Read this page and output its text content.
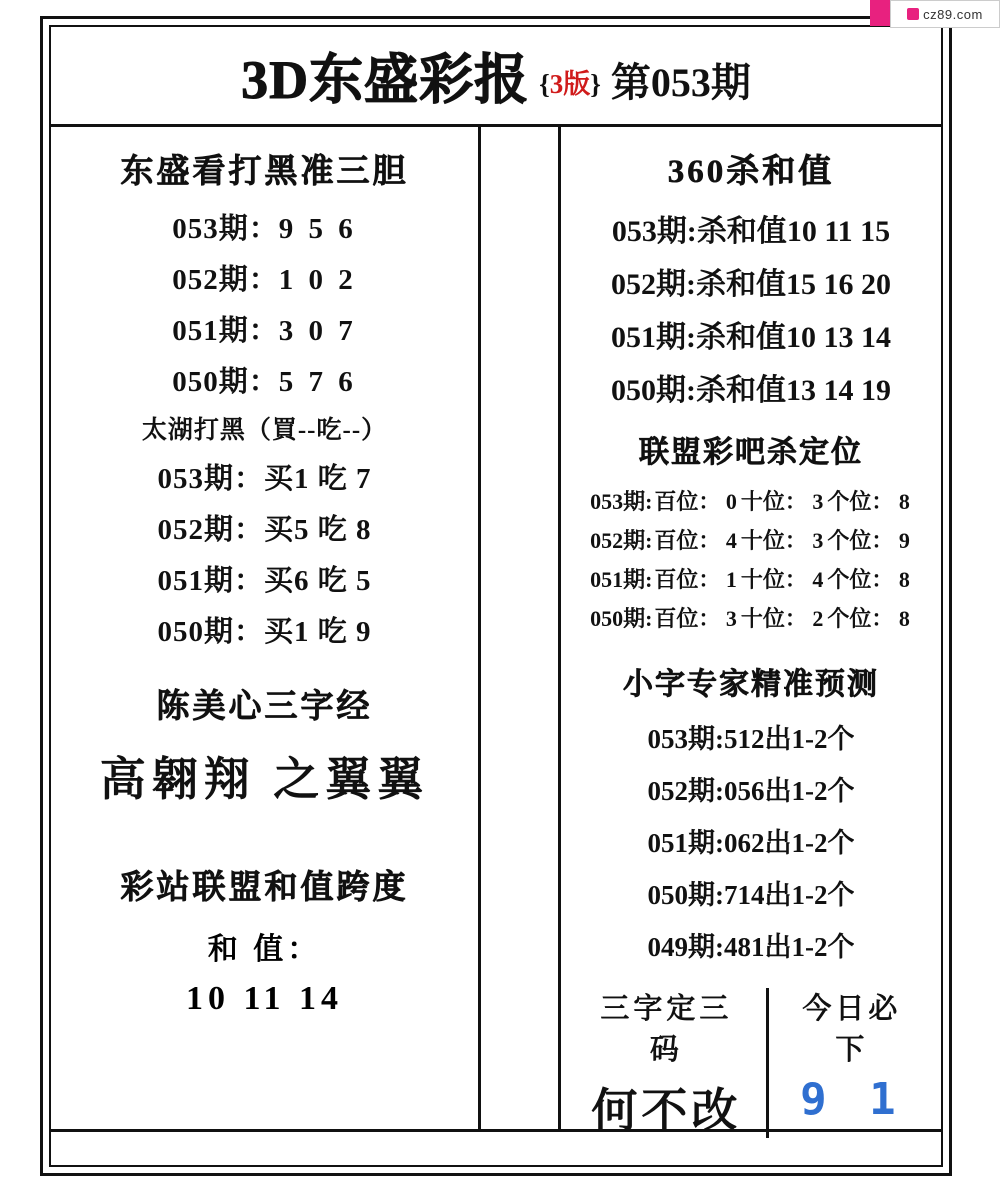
cz89.com
3D东盛彩报 {3版} 第053期
东盛看打黑准三胆
053期：9 5 6
052期：1 0 2
051期：3 0 7
050期：5 7 6
太湖打黑（買--吃--）
053期：买1 吃 7
052期：买5 吃 8
051期：买6 吃 5
050期：买1 吃 9
陈美心三字经
高翱翔 之翼翼
彩站联盟和值跨度
和 值：
10 11 14
360杀和值
053期:杀和值10 11 15
052期:杀和值15 16 20
051期:杀和值10 13 14
050期:杀和值13 14 19
联盟彩吧杀定位
053期:百位： 0 十位： 3 个位： 8
052期:百位： 4 十位： 3 个位： 9
051期:百位： 1 十位： 4 个位： 8
050期:百位： 3 十位： 2 个位： 8
小字专家精准预测
053期:512出1-2个
052期:056出1-2个
051期:062出1-2个
050期:714出1-2个
049期:481出1-2个
三字定三码
何不改
今日必下
9 1
